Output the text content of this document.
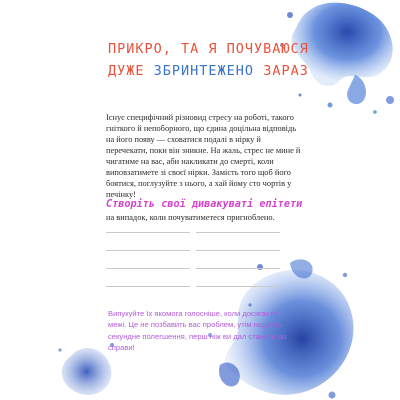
ПРИКРО, ТА Я ПОЧУВАЮСЯ
ДУЖЕ ЗБРИНТЕЖЕНО ЗАРАЗ

Існує специфічний різновид стресу на роботі, такого гніткого й непоборного, що єдина доцільна відповідь на його появу — сховатися подалі в нірку й перечекати, поки він зникне. На жаль, стрес не мине й чигатиме на вас, аби накликати до смерті, коли виповзатимете зі своєї нірки. Замість того щоб його боятися, поглузуйте з нього, а хай йому сто чортів у печінку!

Створіть свої дивакуваті епітети

на випадок, коли почуватиметеся пригноблено.

Випукуйте їх якомога голосніше, коли досягаєте межі. Це не позбавить вас проблем, утім надасть секундне полегшення, перш ніж ви дал станете до справи!
